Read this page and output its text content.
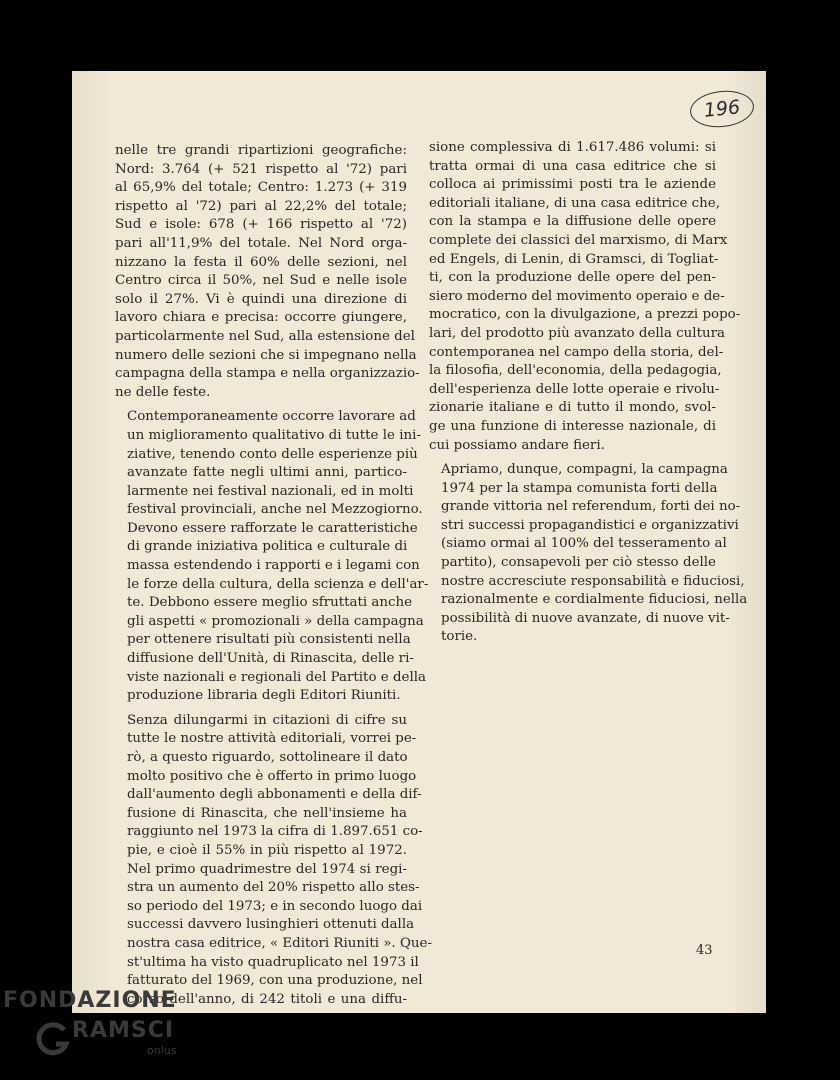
196

nelle tre grandi ripartizioni geografiche:
Nord: 3.764 (+ 521 rispetto al '72) pari
al 65,9% del totale; Centro: 1.273 (+ 319
rispetto al '72) pari al 22,2% del totale;
Sud e isole: 678 (+ 166 rispetto al '72)
pari all'11,9% del totale. Nel Nord orga-
nizzano la festa il 60% delle sezioni, nel
Centro circa il 50%, nel Sud e nelle isole
solo il 27%. Vi è quindi una direzione di
lavoro chiara e precisa: occorre giungere,
particolarmente nel Sud, alla estensione del
numero delle sezioni che si impegnano nella
campagna della stampa e nella organizzazio-
ne delle feste.

Contemporaneamente occorre lavorare ad
un miglioramento qualitativo di tutte le ini-
ziative, tenendo conto delle esperienze più
avanzate fatte negli ultimi anni, partico-
larmente nei festival nazionali, ed in molti
festival provinciali, anche nel Mezzogiorno.
Devono essere rafforzate le caratteristiche
di grande iniziativa politica e culturale di
massa estendendo i rapporti e i legami con
le forze della cultura, della scienza e dell'ar-
te. Debbono essere meglio sfruttati anche
gli aspetti « promozionali » della campagna
per ottenere risultati più consistenti nella
diffusione dell'Unità, di Rinascita, delle ri-
viste nazionali e regionali del Partito e della
produzione libraria degli Editori Riuniti.

Senza dilungarmi in citazioni di cifre su
tutte le nostre attività editoriali, vorrei pe-
rò, a questo riguardo, sottolineare il dato
molto positivo che è offerto in primo luogo
dall'aumento degli abbonamenti e della dif-
fusione di Rinascita, che nell'insieme ha
raggiunto nel 1973 la cifra di 1.897.651 co-
pie, e cioè il 55% in più rispetto al 1972.
Nel primo quadrimestre del 1974 si regi-
stra un aumento del 20% rispetto allo stes-
so periodo del 1973; e in secondo luogo dai
successi davvero lusinghieri ottenuti dalla
nostra casa editrice, « Editori Riuniti ». Que-
st'ultima ha visto quadruplicato nel 1973 il
fatturato del 1969, con una produzione, nel
corso dell'anno, di 242 titoli e una diffu-

sione complessiva di 1.617.486 volumi: si
tratta ormai di una casa editrice che si
colloca ai primissimi posti tra le aziende
editoriali italiane, di una casa editrice che,
con la stampa e la diffusione delle opere
complete dei classici del marxismo, di Marx
ed Engels, di Lenin, di Gramsci, di Togliat-
ti, con la produzione delle opere del pen-
siero moderno del movimento operaio e de-
mocratico, con la divulgazione, a prezzi popo-
lari, del prodotto più avanzato della cultura
contemporanea nel campo della storia, del-
la filosofia, dell'economia, della pedagogia,
dell'esperienza delle lotte operaie e rivolu-
zionarie italiane e di tutto il mondo, svol-
ge una funzione di interesse nazionale, di
cui possiamo andare fieri.

Apriamo, dunque, compagni, la campagna
1974 per la stampa comunista forti della
grande vittoria nel referendum, forti dei no-
stri successi propagandistici e organizzativi
(siamo ormai al 100% del tesseramento al
partito), consapevoli per ciò stesso delle
nostre accresciute responsabilità e fiduciosi,
razionalmente e cordialmente fiduciosi, nella
possibilità di nuove avanzate, di nuove vit-
torie.

43
FONDAZIONE
RAMSCI
onlus
